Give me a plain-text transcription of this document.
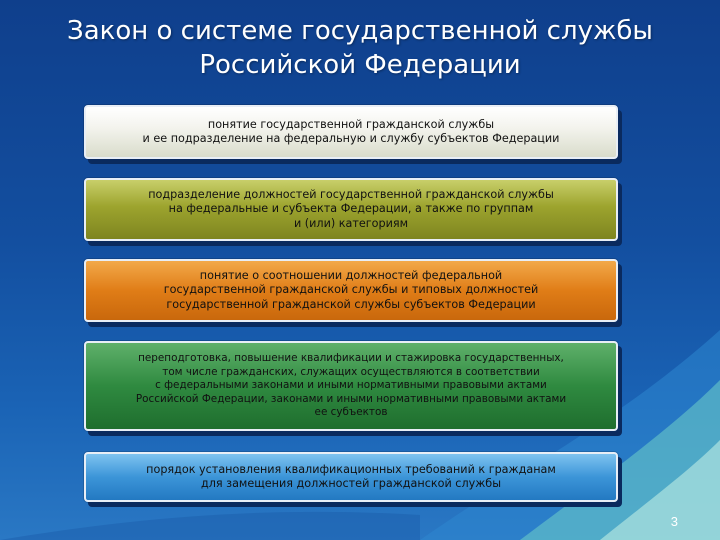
Закон о системе государственной службы
Российской Федерации
понятие государственной гражданской службы
и ее подразделение на федеральную и службу субъектов Федерации
подразделение должностей государственной гражданской службы
на федеральные и субъекта Федерации, а также по группам
и (или) категориям
понятие о соотношении должностей федеральной
государственной гражданской службы и типовых должностей
государственной гражданской службы субъектов Федерации
переподготовка, повышение квалификации и стажировка государственных,
том числе гражданских, служащих осуществляются в соответствии
с федеральными законами и иными нормативными правовыми актами
Российской Федерации, законами и иными нормативными правовыми актами
ее субъектов
порядок установления квалификационных требований к гражданам
для замещения должностей гражданской службы
3
